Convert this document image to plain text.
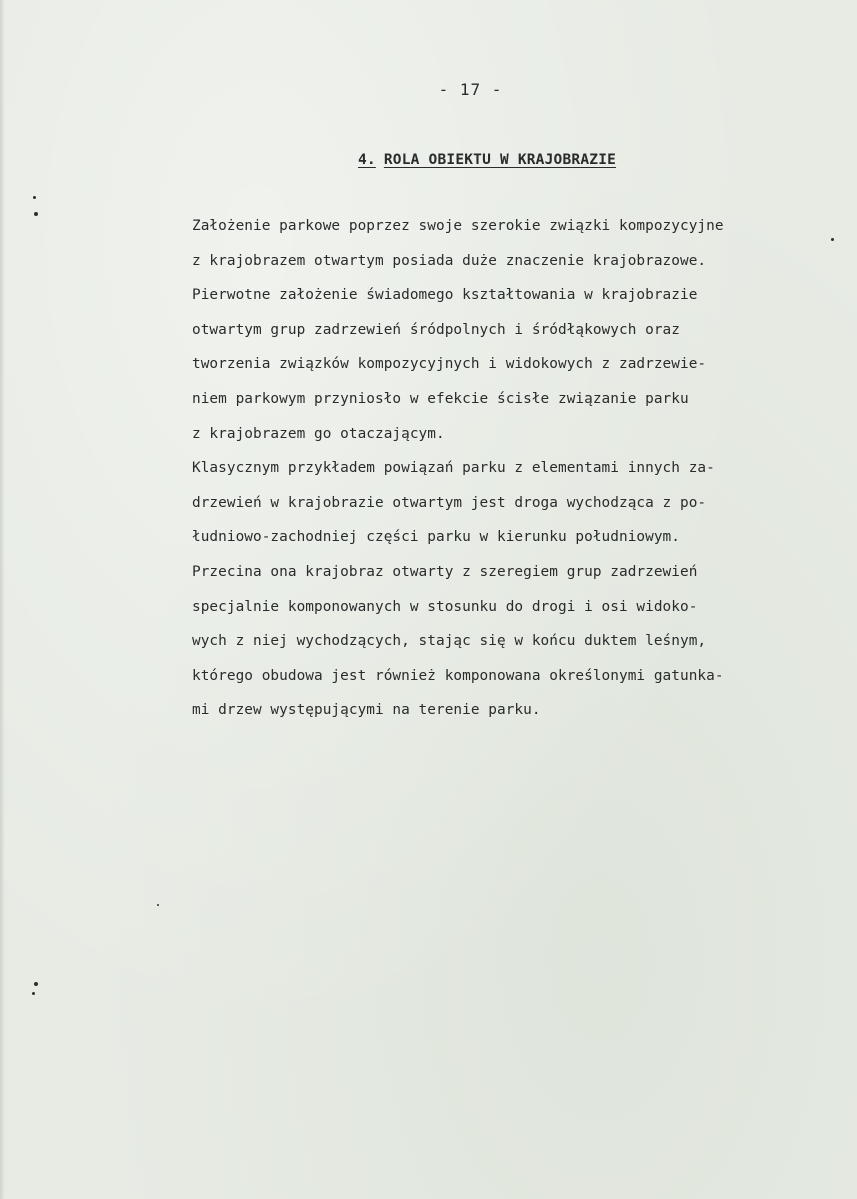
- 17 -
4. ROLA OBIEKTU W KRAJOBRAZIE
Założenie parkowe poprzez swoje szerokie związki kompozycyjne
z krajobrazem otwartym posiada duże znaczenie krajobrazowe.
Pierwotne założenie świadomego kształtowania w krajobrazie
otwartym grup zadrzewień śródpolnych i śródłąkowych oraz
tworzenia związków kompozycyjnych i widokowych z zadrzewie-
niem parkowym przyniosło w efekcie ścisłe związanie parku
z krajobrazem go otaczającym.
Klasycznym przykładem powiązań parku z elementami innych za-
drzewień w krajobrazie otwartym jest droga wychodząca z po-
łudniowo-zachodniej części parku w kierunku południowym.
Przecina ona krajobraz otwarty z szeregiem grup zadrzewień
specjalnie komponowanych w stosunku do drogi i osi widoko-
wych z niej wychodzących, stając się w końcu duktem leśnym,
którego obudowa jest również komponowana określonymi gatunka-
mi drzew występującymi na terenie parku.
